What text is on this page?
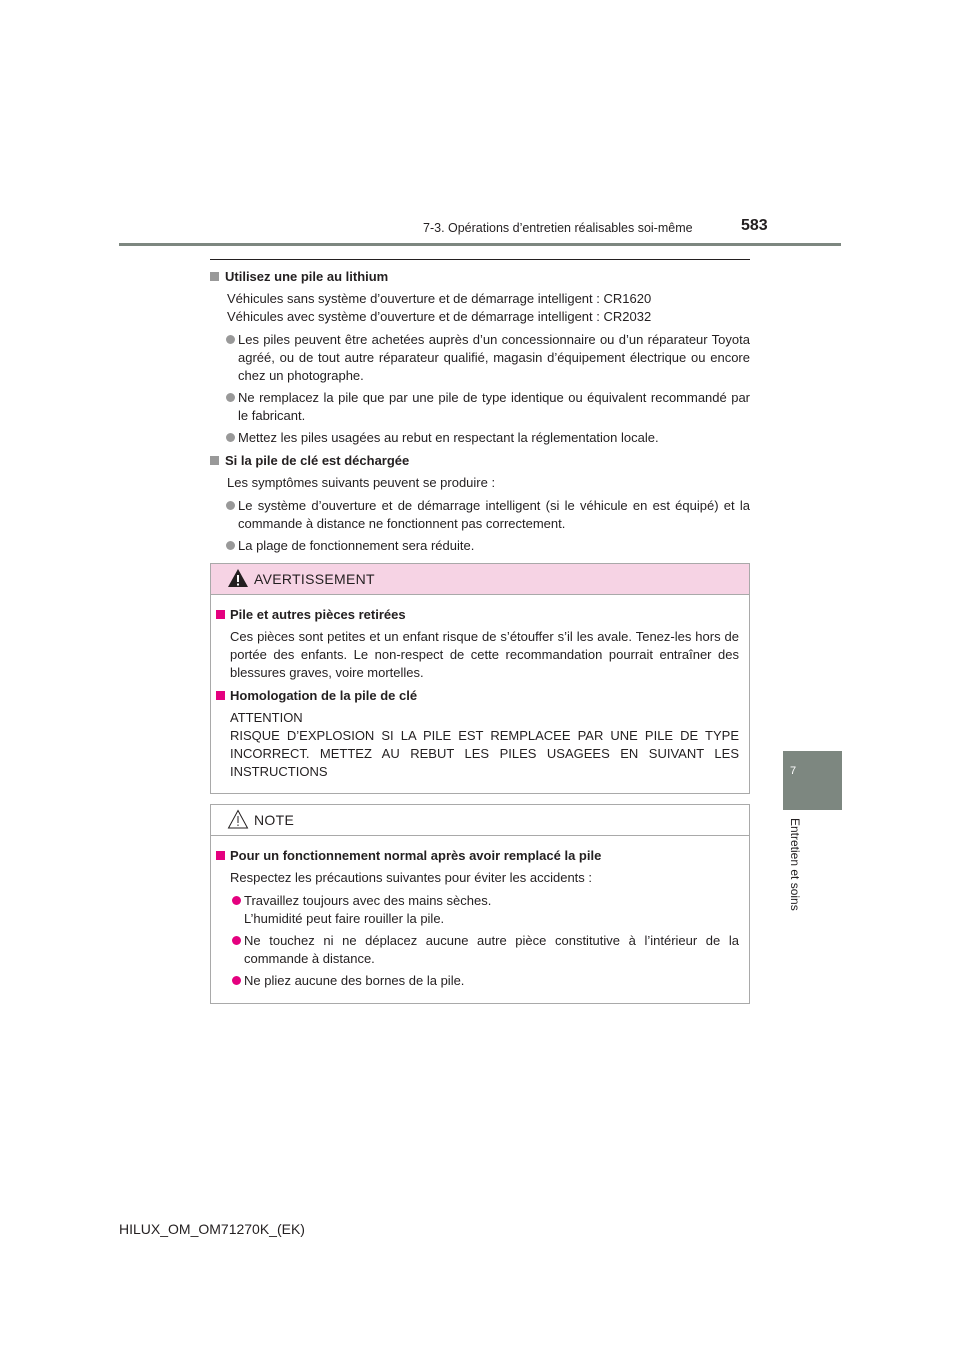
7-3. Opérations d’entretien réalisables soi-même	583
7
Entretien et soins

Utilisez une pile au lithium

Véhicules sans système d’ouverture et de démarrage intelligent : CR1620

Véhicules avec système d’ouverture et de démarrage intelligent : CR2032

Les piles peuvent être achetées auprès d’un concessionnaire ou d’un réparateur Toyota agréé, ou de tout autre réparateur qualifié, magasin d’équipement électrique ou encore chez un photographe.

Ne remplacez la pile que par une pile de type identique ou équivalent recommandé par le fabricant.

Mettez les piles usagées au rebut en respectant la réglementation locale.

Si la pile de clé est déchargée

Les symptômes suivants peuvent se produire :

Le système d’ouverture et de démarrage intelligent (si le véhicule en est équipé) et la commande à distance ne fonctionnent pas correctement.

La plage de fonctionnement sera réduite.

AVERTISSEMENT

Pile et autres pièces retirées

Ces pièces sont petites et un enfant risque de s’étouffer s’il les avale. Tenez-les hors de portée des enfants. Le non-respect de cette recommandation pourrait entraîner des blessures graves, voire mortelles.

Homologation de la pile de clé

ATTENTION

RISQUE D’EXPLOSION SI LA PILE EST REMPLACEE PAR UNE PILE DE TYPE INCORRECT. METTEZ AU REBUT LES PILES USAGEES EN SUIVANT LES INSTRUCTIONS

NOTE

Pour un fonctionnement normal après avoir remplacé la pile

Respectez les précautions suivantes pour éviter les accidents :

Travaillez toujours avec des mains sèches.

L’humidité peut faire rouiller la pile.

Ne touchez ni ne déplacez aucune autre pièce constitutive à l’intérieur de la commande à distance.

Ne pliez aucune des bornes de la pile.

HILUX_OM_OM71270K_(EK)
